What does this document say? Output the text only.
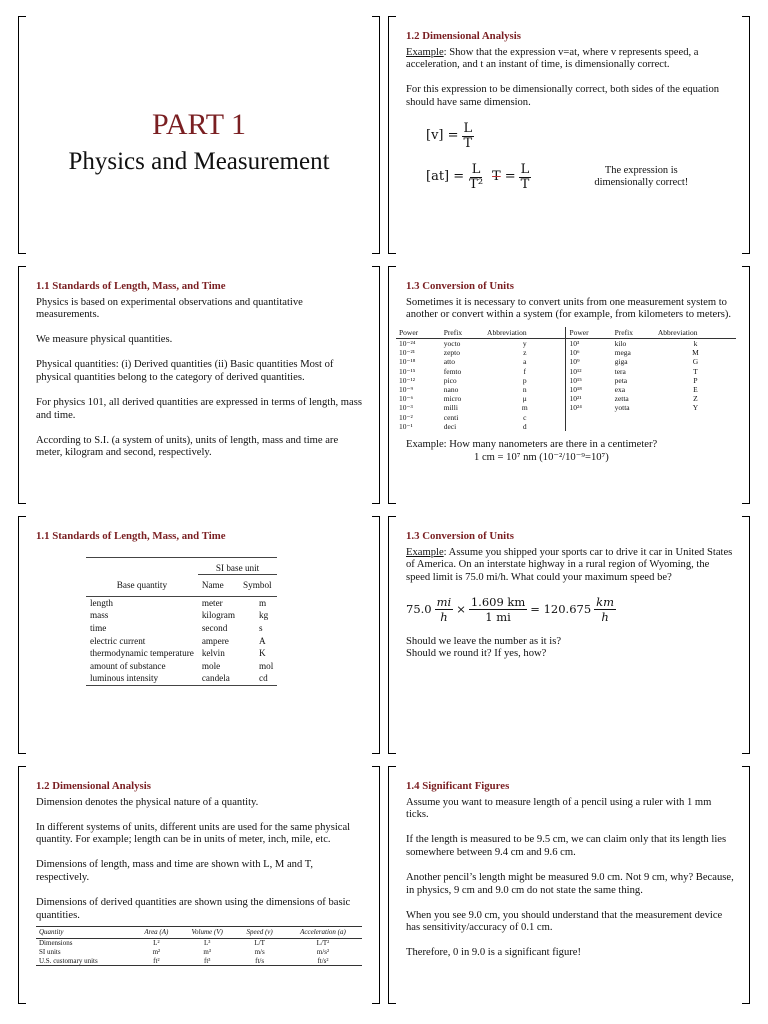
PART 1
Physics and Measurement
1.2 Dimensional Analysis
Example: Show that the expression v=at, where v represents speed, a acceleration, and t an instant of time, is dimensionally correct.
For this expression to be dimensionally correct, both sides of the equation should have same dimension.
$[v] = \frac{L}{T}$
$[at] = \frac{L}{\text{T²}}$ $T = \frac{L}{T}$	The expression is dimensionally correct!
1.1 Standards of Length, Mass, and Time
Physics is based on experimental observations and quantitative measurements.
We measure physical quantities.
Physical quantities: (i) Derived quantities (ii) Basic quantities Most of physical quantities belong to the category of derived quantities.
For physics 101, all derived quantities are expressed in terms of length, mass and time.
According to S.I. (a system of units), units of length, mass and time are meter, kilogram and second, respectively.
1.3 Conversion of Units
Sometimes it is necessary to convert units from one measurement system to another or convert within a system (for example, from kilometers to meters).
Power	Prefix	Abbreviation	Power	Prefix	Abbreviation
10⁻²⁴	yocto	y	10³	kilo	k
10⁻²¹	zepto	z	10⁶	mega	M
10⁻¹⁸	atto	a	10⁹	giga	G
10⁻¹⁵	femto	f	10¹²	tera	T
10⁻¹²	pico	p	10¹⁵	peta	P
10⁻⁹	nano	n	10¹⁸	exa	E
10⁻⁶	micro	μ	10²¹	zetta	Z
10⁻³	milli	m	10²⁴	yotta	Y
10⁻²	centi	c			
10⁻¹	deci	d			
Example: How many nanometers are there in a centimeter?
1 cm = 10⁷ nm (10⁻²/10⁻⁹=10⁷)
1.1 Standards of Length, Mass, and Time
	SI base unit	
Base quantity	Name	Symbol
length	meter	m
mass	kilogram	kg
time	second	s
electric current	ampere	A
thermodynamic temperature	kelvin	K
amount of substance	mole	mol
luminous intensity	candela	cd
1.3 Conversion of Units
Example: Assume you shipped your sports car to drive it car in United States of America. On an interstate highway in a rural region of Wyoming, the speed limit is 75.0 mi/h. What could your maximum speed be?
$75.0 \frac{mi}{h} \times \frac{1.609 km}{1 mi} = 120.675 \frac{km}{h}$
Should we leave the number as it is?
Should we round it? If yes, how?
1.2 Dimensional Analysis
Dimension denotes the physical nature of a quantity.
In different systems of units, different units are used for the same physical quantity. For example; length can be in units of meter, inch, mile, etc.
Dimensions of length, mass and time are shown with L, M and T, respectively.
Dimensions of derived quantities are shown using the dimensions of basic quantities.
Quantity	Area (A)	Volume (V)	Speed (v)	Acceleration (a)
Dimensions	L²	L³	L/T	L/T²
SI units	m²	m³	m/s	m/s²
U.S. customary units	ft²	ft³	ft/s	ft/s²
1.4 Significant Figures
Assume you want to measure length of a pencil using a ruler with 1 mm ticks.
If the length is measured to be 9.5 cm, we can claim only that its length lies somewhere between 9.4 cm and 9.6 cm.
Another pencil’s length might be measured 9.0 cm. Not 9 cm, why? Because, in physics, 9 cm and 9.0 cm do not state the same thing.
When you see 9.0 cm, you should understand that the measurement device has sensitivity/accuracy of 0.1 cm.
Therefore, 0 in 9.0 is a significant figure!
